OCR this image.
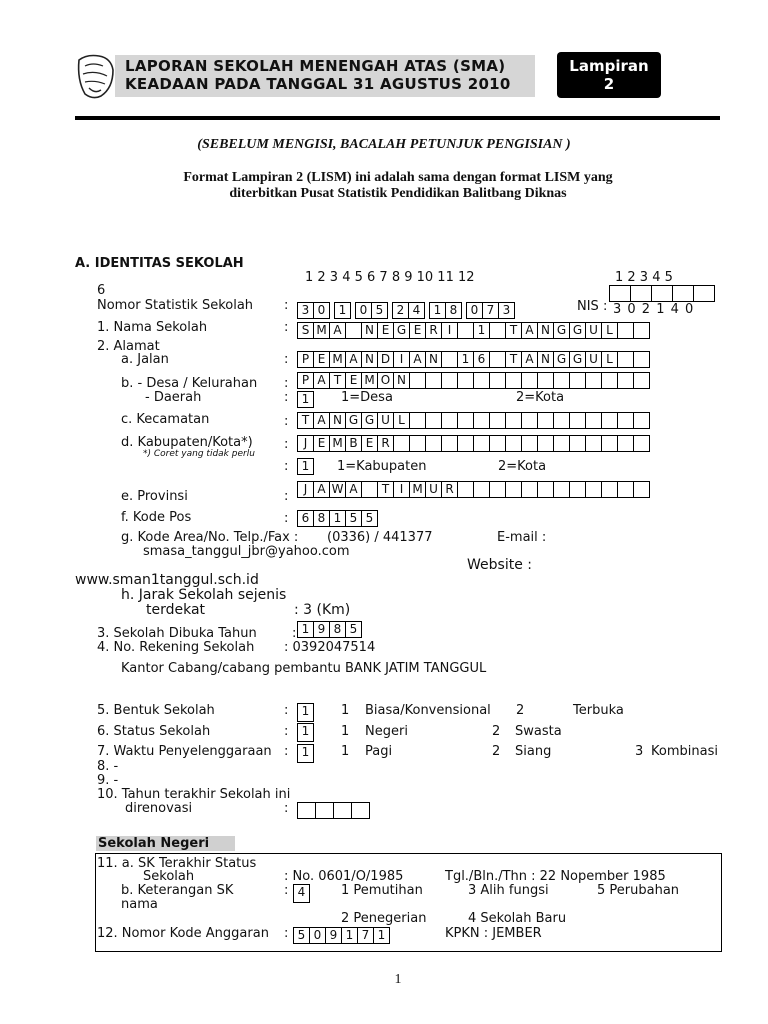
LAPORAN SEKOLAH MENENGAH ATAS (SMA)
KEADAAN PADA TANGGAL 31 AGUSTUS 2010
Lampiran
2
(SEBELUM MENGISI, BACALAH PETUNJUK PENGISIAN )
Format Lampiran 2 (LISM) ini adalah sama dengan format LISM yang
diterbitkan Pusat Statistik Pendidikan Balitbang Diknas
A. IDENTITAS SEKOLAH
1 2 3 4 5 6 7 8 9 10 11 12
6
1 2 3 4 5
Nomor Statistik Sekolah :	3 0	1	0 5	2 4	1 8	0 7 3	NIS : 3 0 2 1 4 0
1. Nama Sekolah	:	S M A	N E G E R I	1	T A N G G U L
2. Alamat
a. Jalan	:	P E M A N D I A N	1 6	T A N G G U L
b. - Desa / Kelurahan :	P A T E M O N
- Daerah	:	1	1=Desa	2=Kota
c. Kecamatan	:	T A N G G U L
d. Kabupaten/Kota*)
*) Coret yang tidak perlu
:	J E M B E R
:	1	1=Kabupaten	2=Kota
e. Provinsi	:	J A W A	T I M U R
f. Kode Pos	:	6 8 1 5 5
g. Kode Area/No. Telp./Fax : (0336) / 441377	E-mail :
smasa_tanggul_jbr@yahoo.com
Website :
www.sman1tanggul.sch.id
h. Jarak Sekolah sejenis
terdekat	: 3 (Km)
3. Sekolah Dibuka Tahun	: 1 9 8 5
4. No. Rekening Sekolah : 0392047514
Kantor Cabang/cabang pembantu BANK JATIM TANGGUL
5. Bentuk Sekolah	:	1	1 Biasa/Konvensional 2	Terbuka
6. Status Sekolah	:	1	1 Negeri	2 Swasta
7. Waktu Penyelenggaraan :	1	1 Pagi	2 Siang	3 Kombinasi
8. -
9. -
10. Tahun terakhir Sekolah ini
direnovasi	:
Sekolah Negeri
11. a. SK Terakhir Status
Sekolah	: No. 0601/O/1985	Tgl./Bln./Thn : 22 Nopember 1985
b. Keterangan SK
nama
: 4	1 Pemutihan	3 Alih fungsi	5 Perubahan
2 Penegerian	4 Sekolah Baru
12. Nomor Kode Anggaran : 5 0 9 1 7 1	KPKN : JEMBER
1
